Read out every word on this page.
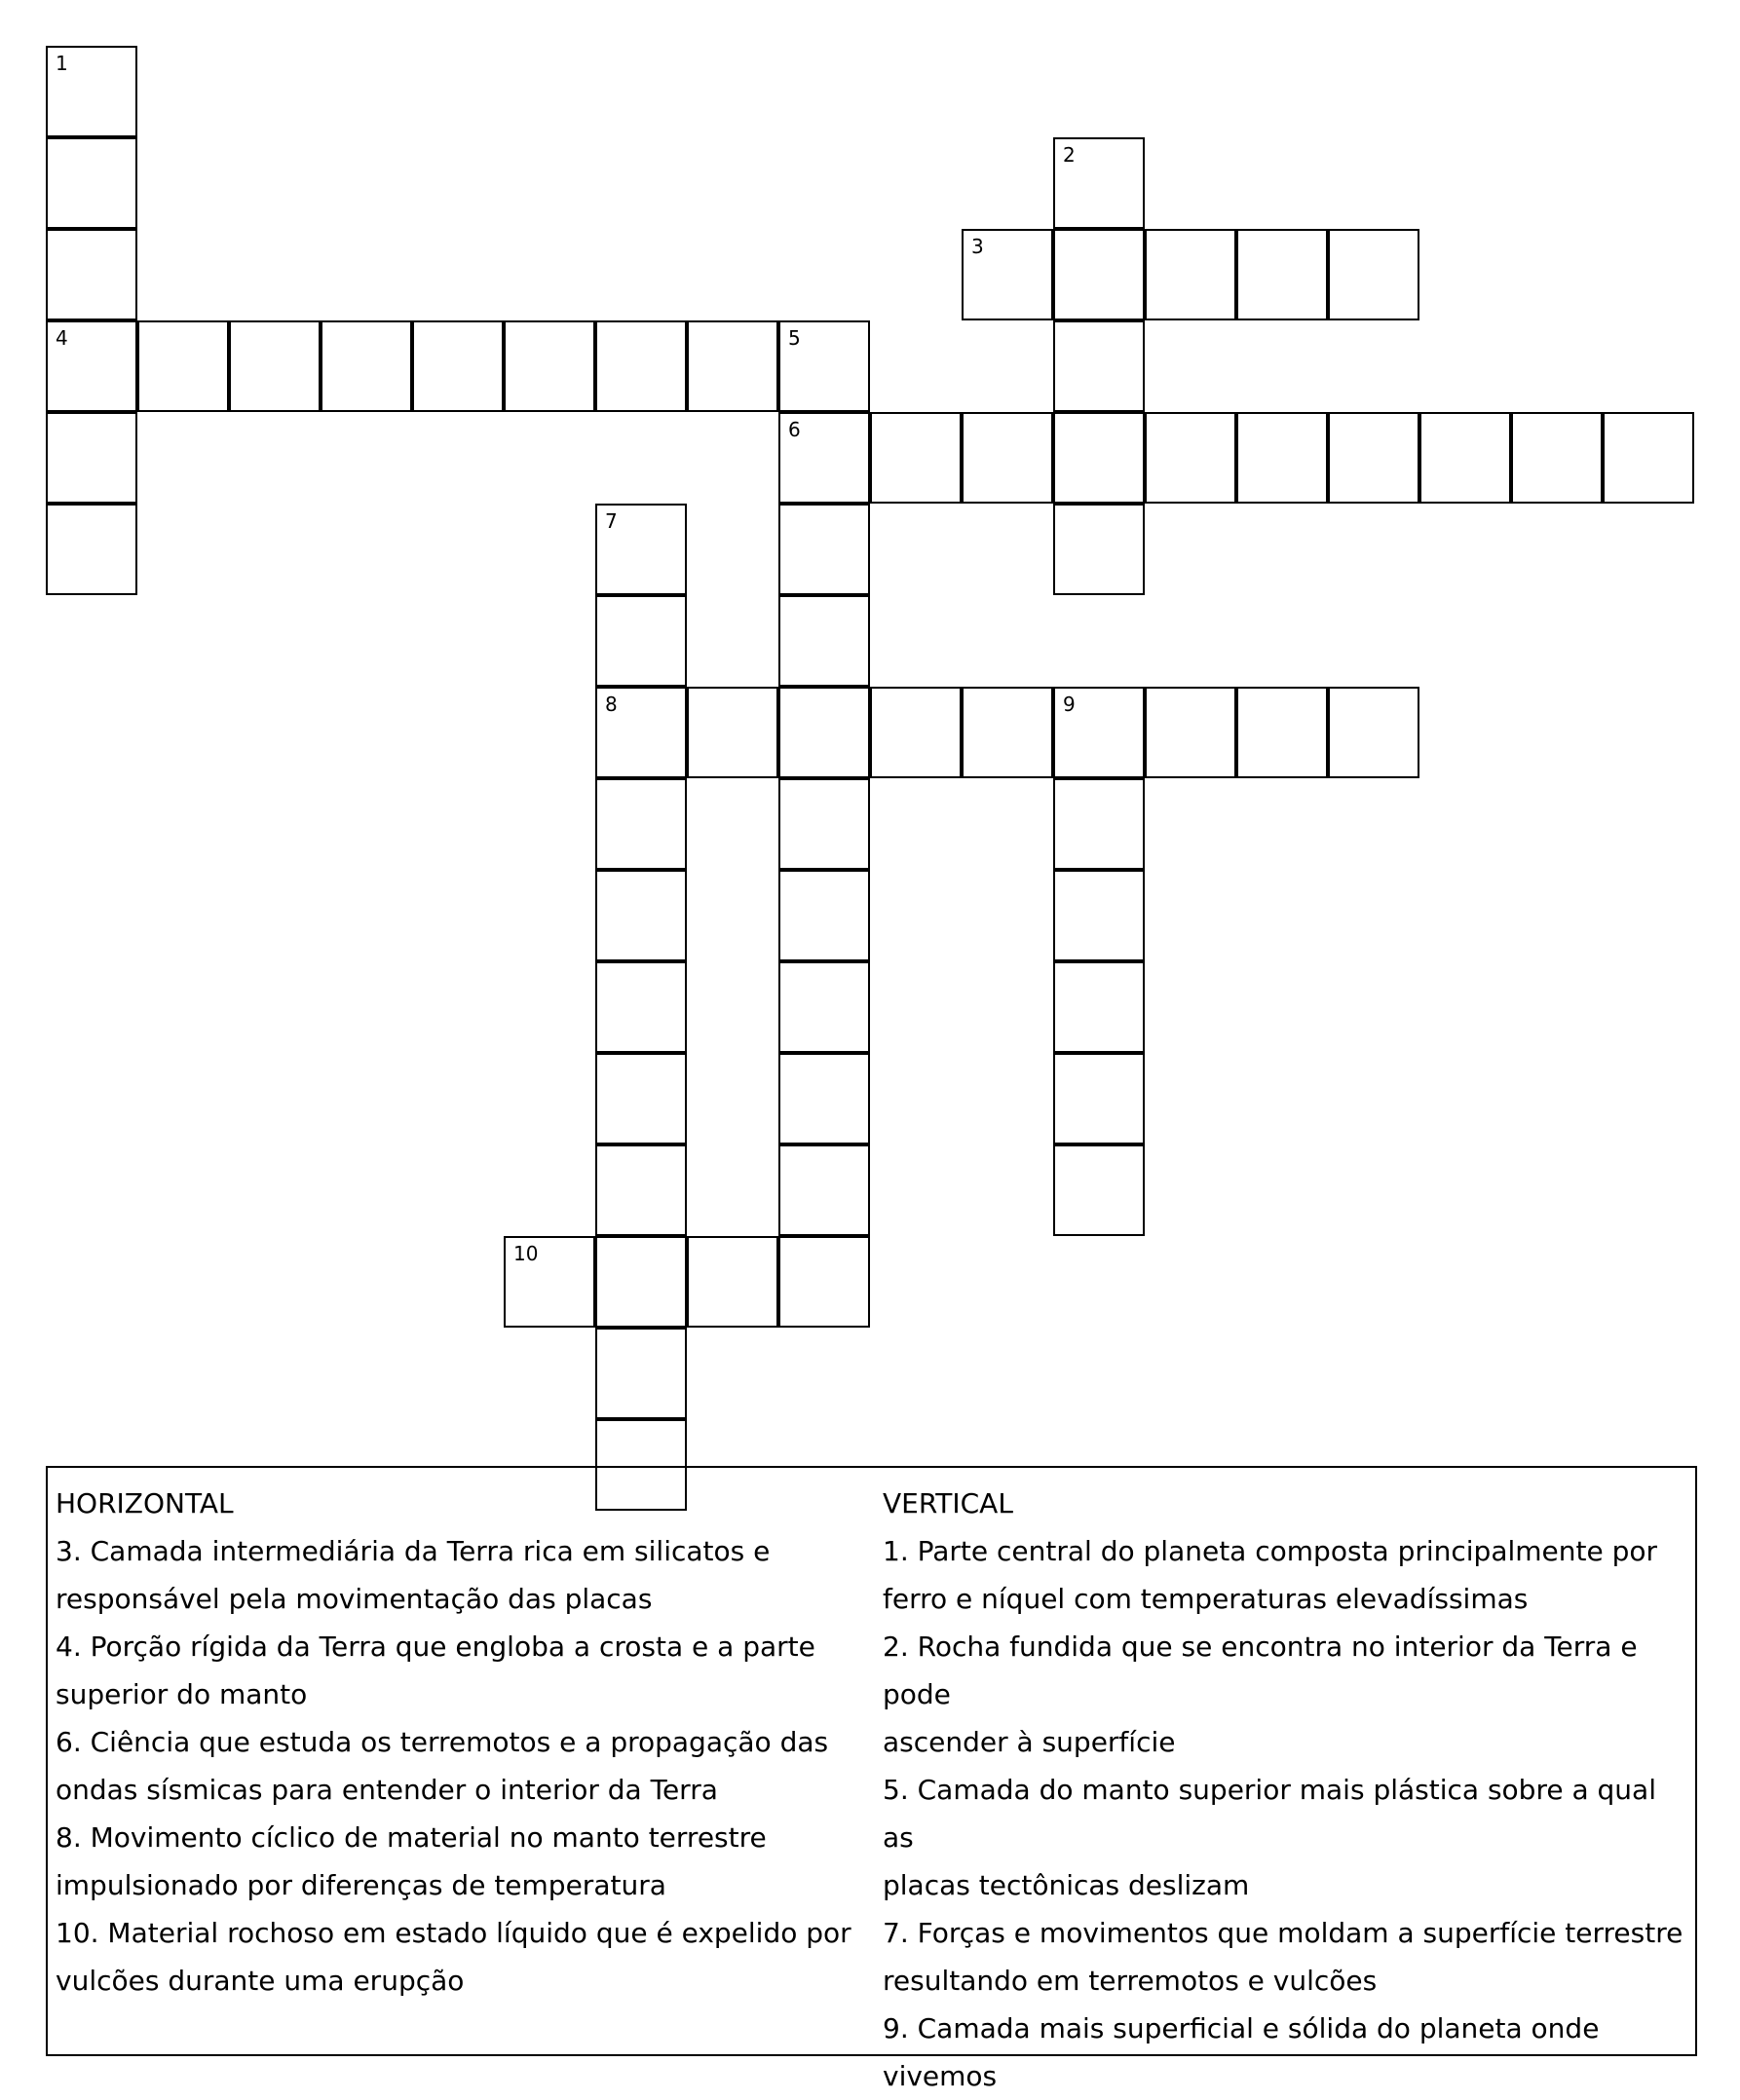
1
4	5
6
2
3
7
8	9
10

HORIZONTAL

3. Camada intermediária da Terra rica em silicatos e

responsável pela movimentação das placas

4. Porção rígida da Terra que engloba a crosta e a parte

superior do manto

6. Ciência que estuda os terremotos e a propagação das

ondas sísmicas para entender o interior da Terra

8. Movimento cíclico de material no manto terrestre

impulsionado por diferenças de temperatura

10. Material rochoso em estado líquido que é expelido por

vulcões durante uma erupção

VERTICAL

1. Parte central do planeta composta principalmente por

ferro e níquel com temperaturas elevadíssimas

2. Rocha fundida que se encontra no interior da Terra e pode

ascender à superfície

5. Camada do manto superior mais plástica sobre a qual as

placas tectônicas deslizam

7. Forças e movimentos que moldam a superfície terrestre

resultando em terremotos e vulcões

9. Camada mais superficial e sólida do planeta onde vivemos
